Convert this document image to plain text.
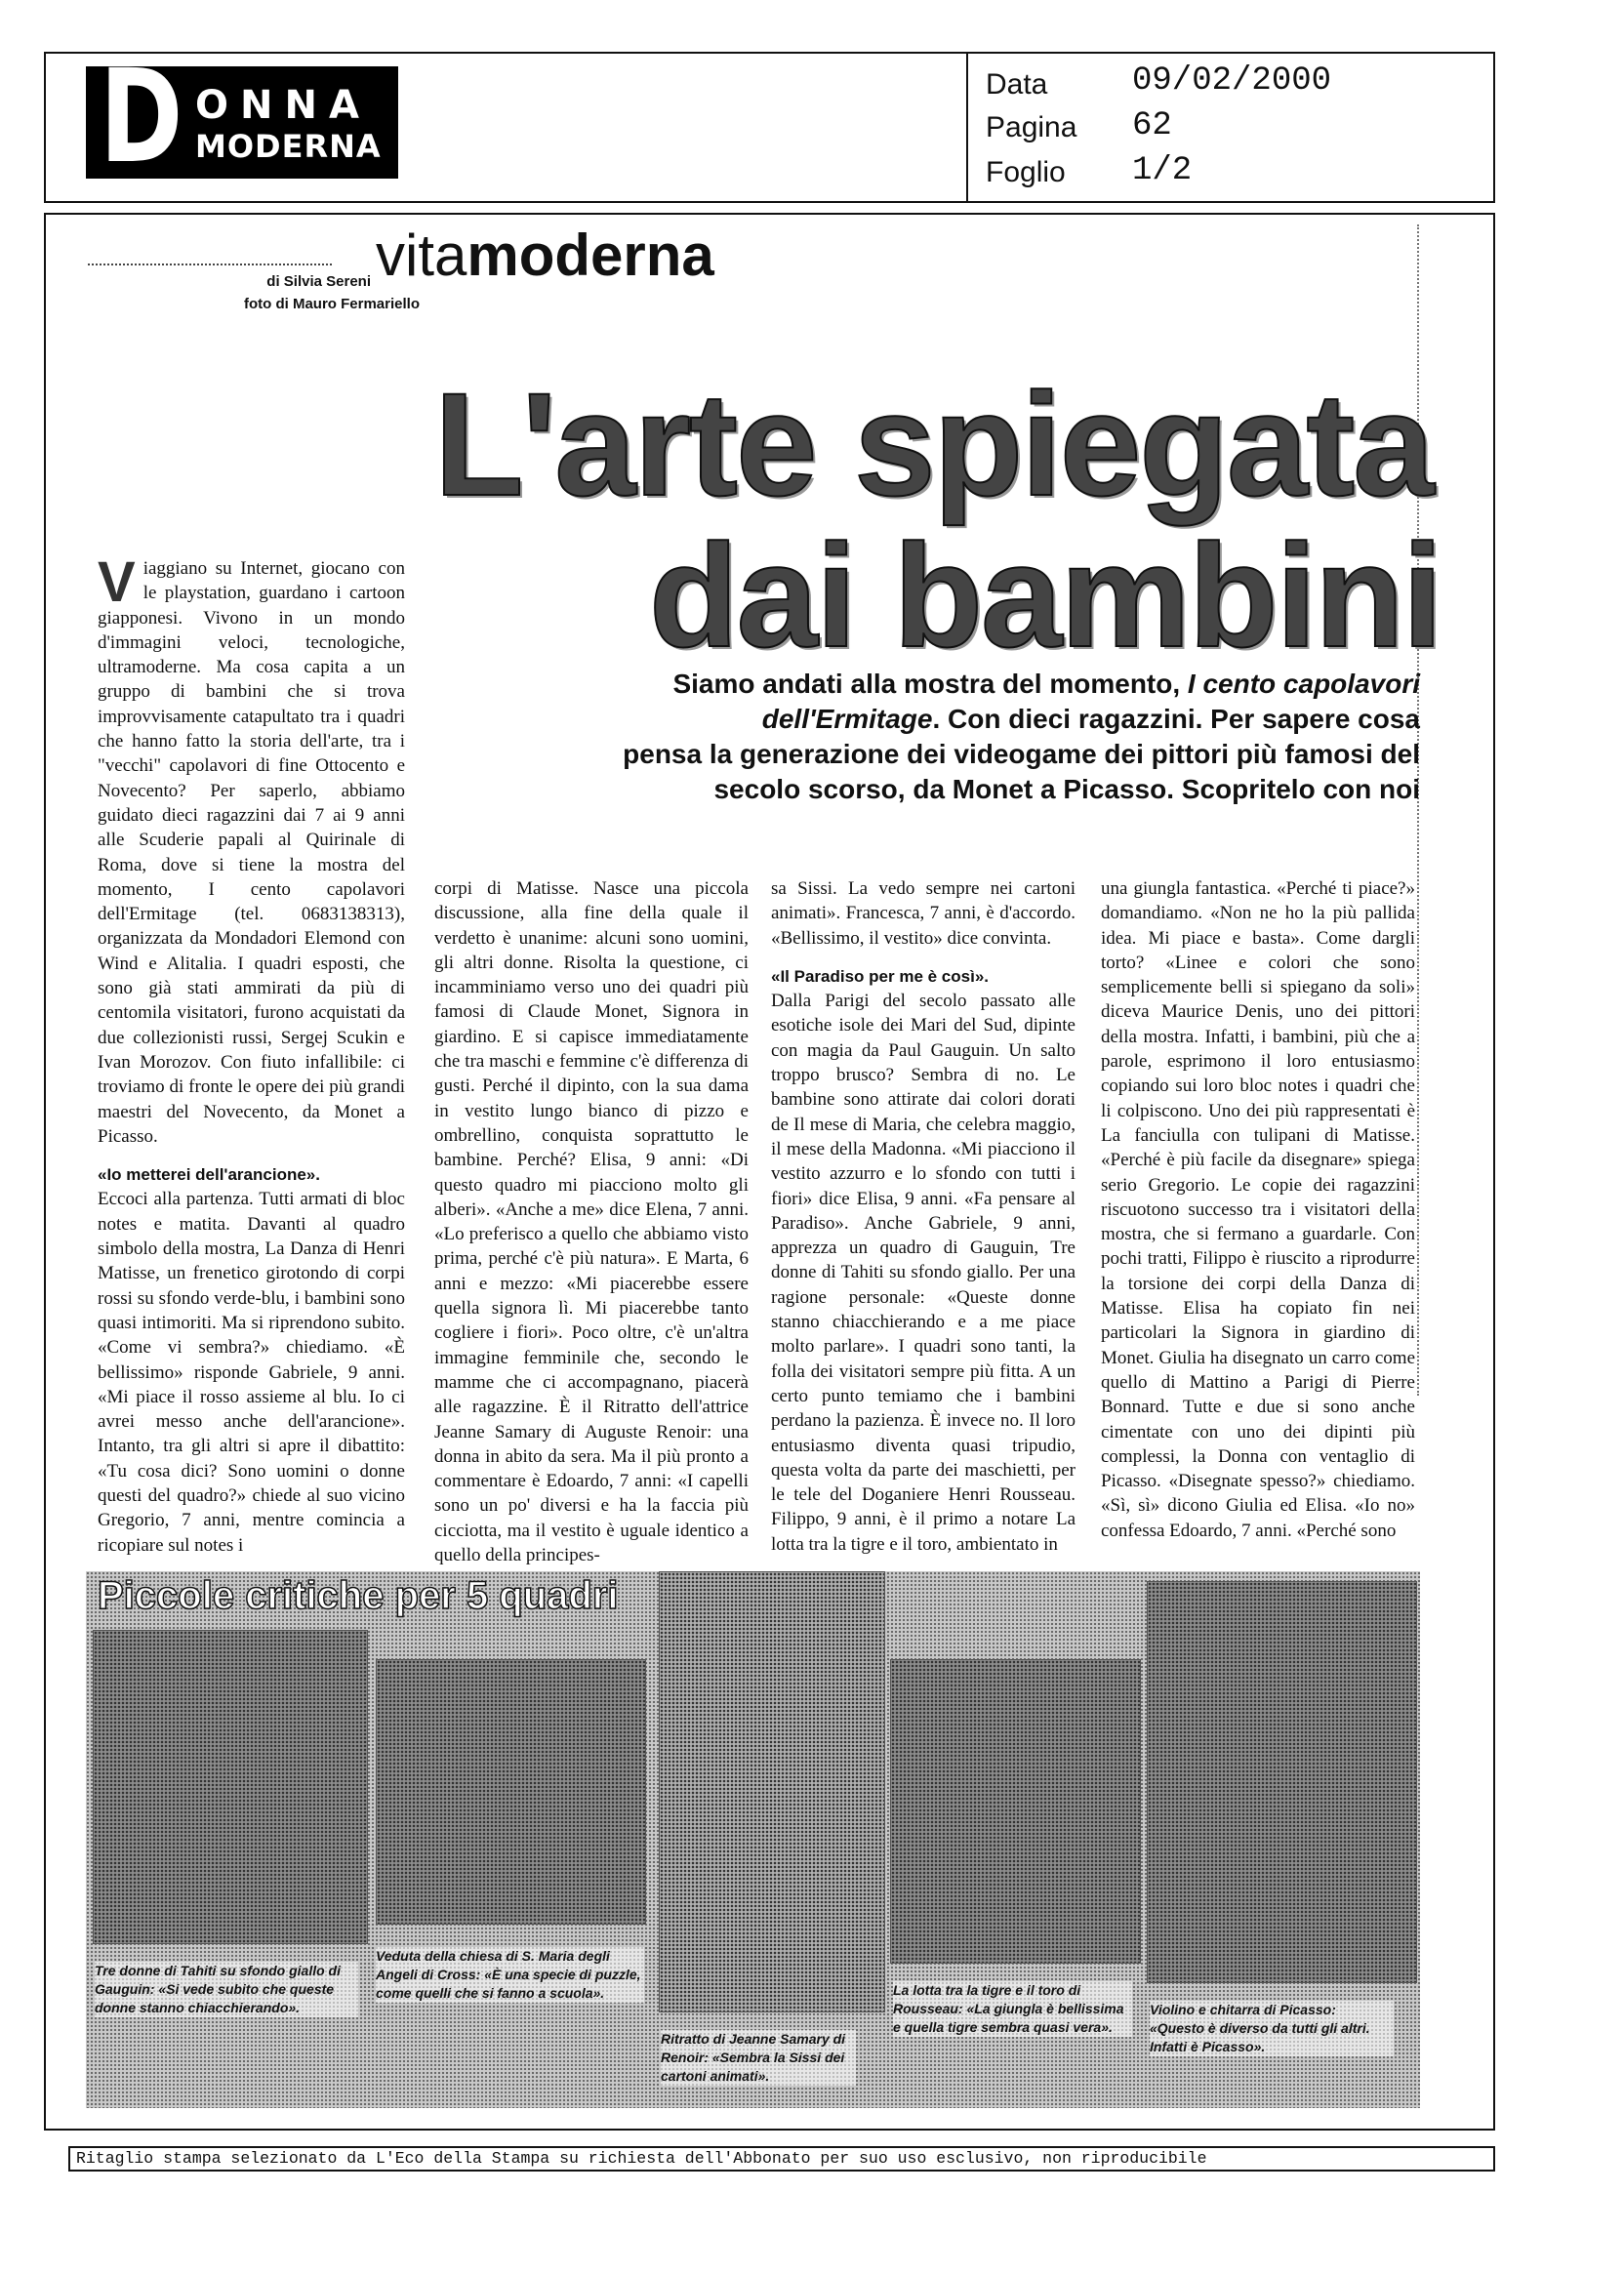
D ONNA
MODERNA
Data	09/02/2000
Pagina 62
Foglio 1/2
di Silvia Sereni
foto di Mauro Fermariello
vitamoderna
L'arte spiegata
dai bambini
Siamo andati alla mostra del momento, I cento capolavori
dell'Ermitage. Con dieci ragazzini. Per sapere cosa
pensa la generazione dei videogame dei pittori più famosi del
secolo scorso, da Monet a Picasso. Scopritelo con noi

Viaggiano su Internet, giocano con le playstation, guardano i cartoon giapponesi. Vivono in un mondo d'immagini veloci, tecnologiche, ultramoderne. Ma cosa capita a un gruppo di bambini che si trova improvvisamente catapultato tra i quadri che hanno fatto la storia dell'arte, tra i "vecchi" capolavori di fine Ottocento e Novecento? Per saperlo, abbiamo guidato dieci ragazzini dai 7 ai 9 anni alle Scuderie papali al Quirinale di Roma, dove si tiene la mostra del momento, I cento capolavori dell'Ermitage (tel. 0683138313), organizzata da Mondadori Elemond con Wind e Alitalia. I quadri esposti, che sono già stati ammirati da più di centomila visitatori, furono acquistati da due collezionisti russi, Sergej Scukin e Ivan Morozov. Con fiuto infallibile: ci troviamo di fronte le opere dei più grandi maestri del Novecento, da Monet a Picasso.

«Io metterei dell'arancione».

Eccoci alla partenza. Tutti armati di bloc notes e matita. Davanti al quadro simbolo della mostra, La Danza di Henri Matisse, un frenetico girotondo di corpi rossi su sfondo verde-blu, i bambini sono quasi intimoriti. Ma si riprendono subito. «Come vi sembra?» chiediamo. «È bellissimo» risponde Gabriele, 9 anni. «Mi piace il rosso assieme al blu. Io ci avrei messo anche dell'arancione». Intanto, tra gli altri si apre il dibattito: «Tu cosa dici? Sono uomini o donne questi del quadro?» chiede al suo vicino Gregorio, 7 anni, mentre comincia a ricopiare sul notes i

corpi di Matisse. Nasce una piccola discussione, alla fine della quale il verdetto è unanime: alcuni sono uomini, gli altri donne. Risolta la questione, ci incamminiamo verso uno dei quadri più famosi di Claude Monet, Signora in giardino. E si capisce immediatamente che tra maschi e femmine c'è differenza di gusti. Perché il dipinto, con la sua dama in vestito lungo bianco di pizzo e ombrellino, conquista soprattutto le bambine. Perché? Elisa, 9 anni: «Di questo quadro mi piacciono molto gli alberi». «Anche a me» dice Elena, 7 anni. «Lo preferisco a quello che abbiamo visto prima, perché c'è più natura». E Marta, 6 anni e mezzo: «Mi piacerebbe essere quella signora lì. Mi piacerebbe tanto cogliere i fiori». Poco oltre, c'è un'altra immagine femminile che, secondo le mamme che ci accompagnano, piacerà alle ragazzine. È il Ritratto dell'attrice Jeanne Samary di Auguste Renoir: una donna in abito da sera. Ma il più pronto a commentare è Edoardo, 7 anni: «I capelli sono un po' diversi e ha la faccia più cicciotta, ma il vestito è uguale identico a quello della principes-

sa Sissi. La vedo sempre nei cartoni animati». Francesca, 7 anni, è d'accordo. «Bellissimo, il vestito» dice convinta.

«Il Paradiso per me è così».

Dalla Parigi del secolo passato alle esotiche isole dei Mari del Sud, dipinte con magia da Paul Gauguin. Un salto troppo brusco? Sembra di no. Le bambine sono attirate dai colori dorati de Il mese di Maria, che celebra maggio, il mese della Madonna. «Mi piacciono il vestito azzurro e lo sfondo con tutti i fiori» dice Elisa, 9 anni. «Fa pensare al Paradiso». Anche Gabriele, 9 anni, apprezza un quadro di Gauguin, Tre donne di Tahiti su sfondo giallo. Per una ragione personale: «Queste donne stanno chiacchierando e a me piace molto parlare». I quadri sono tanti, la folla dei visitatori sempre più fitta. A un certo punto temiamo che i bambini perdano la pazienza. È invece no. Il loro entusiasmo diventa quasi tripudio, questa volta da parte dei maschietti, per le tele del Doganiere Henri Rousseau. Filippo, 9 anni, è il primo a notare La lotta tra la tigre e il toro, ambientato in

una giungla fantastica. «Perché ti piace?» domandiamo. «Non ne ho la più pallida idea. Mi piace e basta». Come dargli torto? «Linee e colori che sono semplicemente belli si spiegano da soli» diceva Maurice Denis, uno dei pittori della mostra. Infatti, i bambini, più che a parole, esprimono il loro entusiasmo copiando sui loro bloc notes i quadri che li colpiscono. Uno dei più rappresentati è La fanciulla con tulipani di Matisse. «Perché è più facile da disegnare» spiega serio Gregorio. Le copie dei ragazzini riscuotono successo tra i visitatori della mostra, che si fermano a guardarle. Con pochi tratti, Filippo è riuscito a riprodurre la torsione dei corpi della Danza di Matisse. Elisa ha copiato fin nei particolari la Signora in giardino di Monet. Giulia ha disegnato un carro come quello di Mattino a Parigi di Pierre Bonnard. Tutte e due si sono anche cimentate con uno dei dipinti più complessi, la Donna con ventaglio di Picasso. «Disegnate spesso?» chiediamo. «Sì, sì» dicono Giulia ed Elisa. «Io no» confessa Edoardo, 7 anni. «Perché sono

Piccole critiche per 5 quadri
Tre donne di Tahiti su sfondo giallo di Gauguin: «Si vede subito che queste donne stanno chiacchierando».
Veduta della chiesa di S. Maria degli Angeli di Cross: «È una specie di puzzle, come quelli che si fanno a scuola».
Ritratto di Jeanne Samary di Renoir: «Sembra la Sissi dei cartoni animati».
La lotta tra la tigre e il toro di Rousseau: «La giungla è bellissima e quella tigre sembra quasi vera».
Violino e chitarra di Picasso: «Questo è diverso da tutti gli altri. Infatti è Picasso».
Ritaglio stampa selezionato da L'Eco della Stampa su richiesta dell'Abbonato per suo uso esclusivo, non riproducibile
